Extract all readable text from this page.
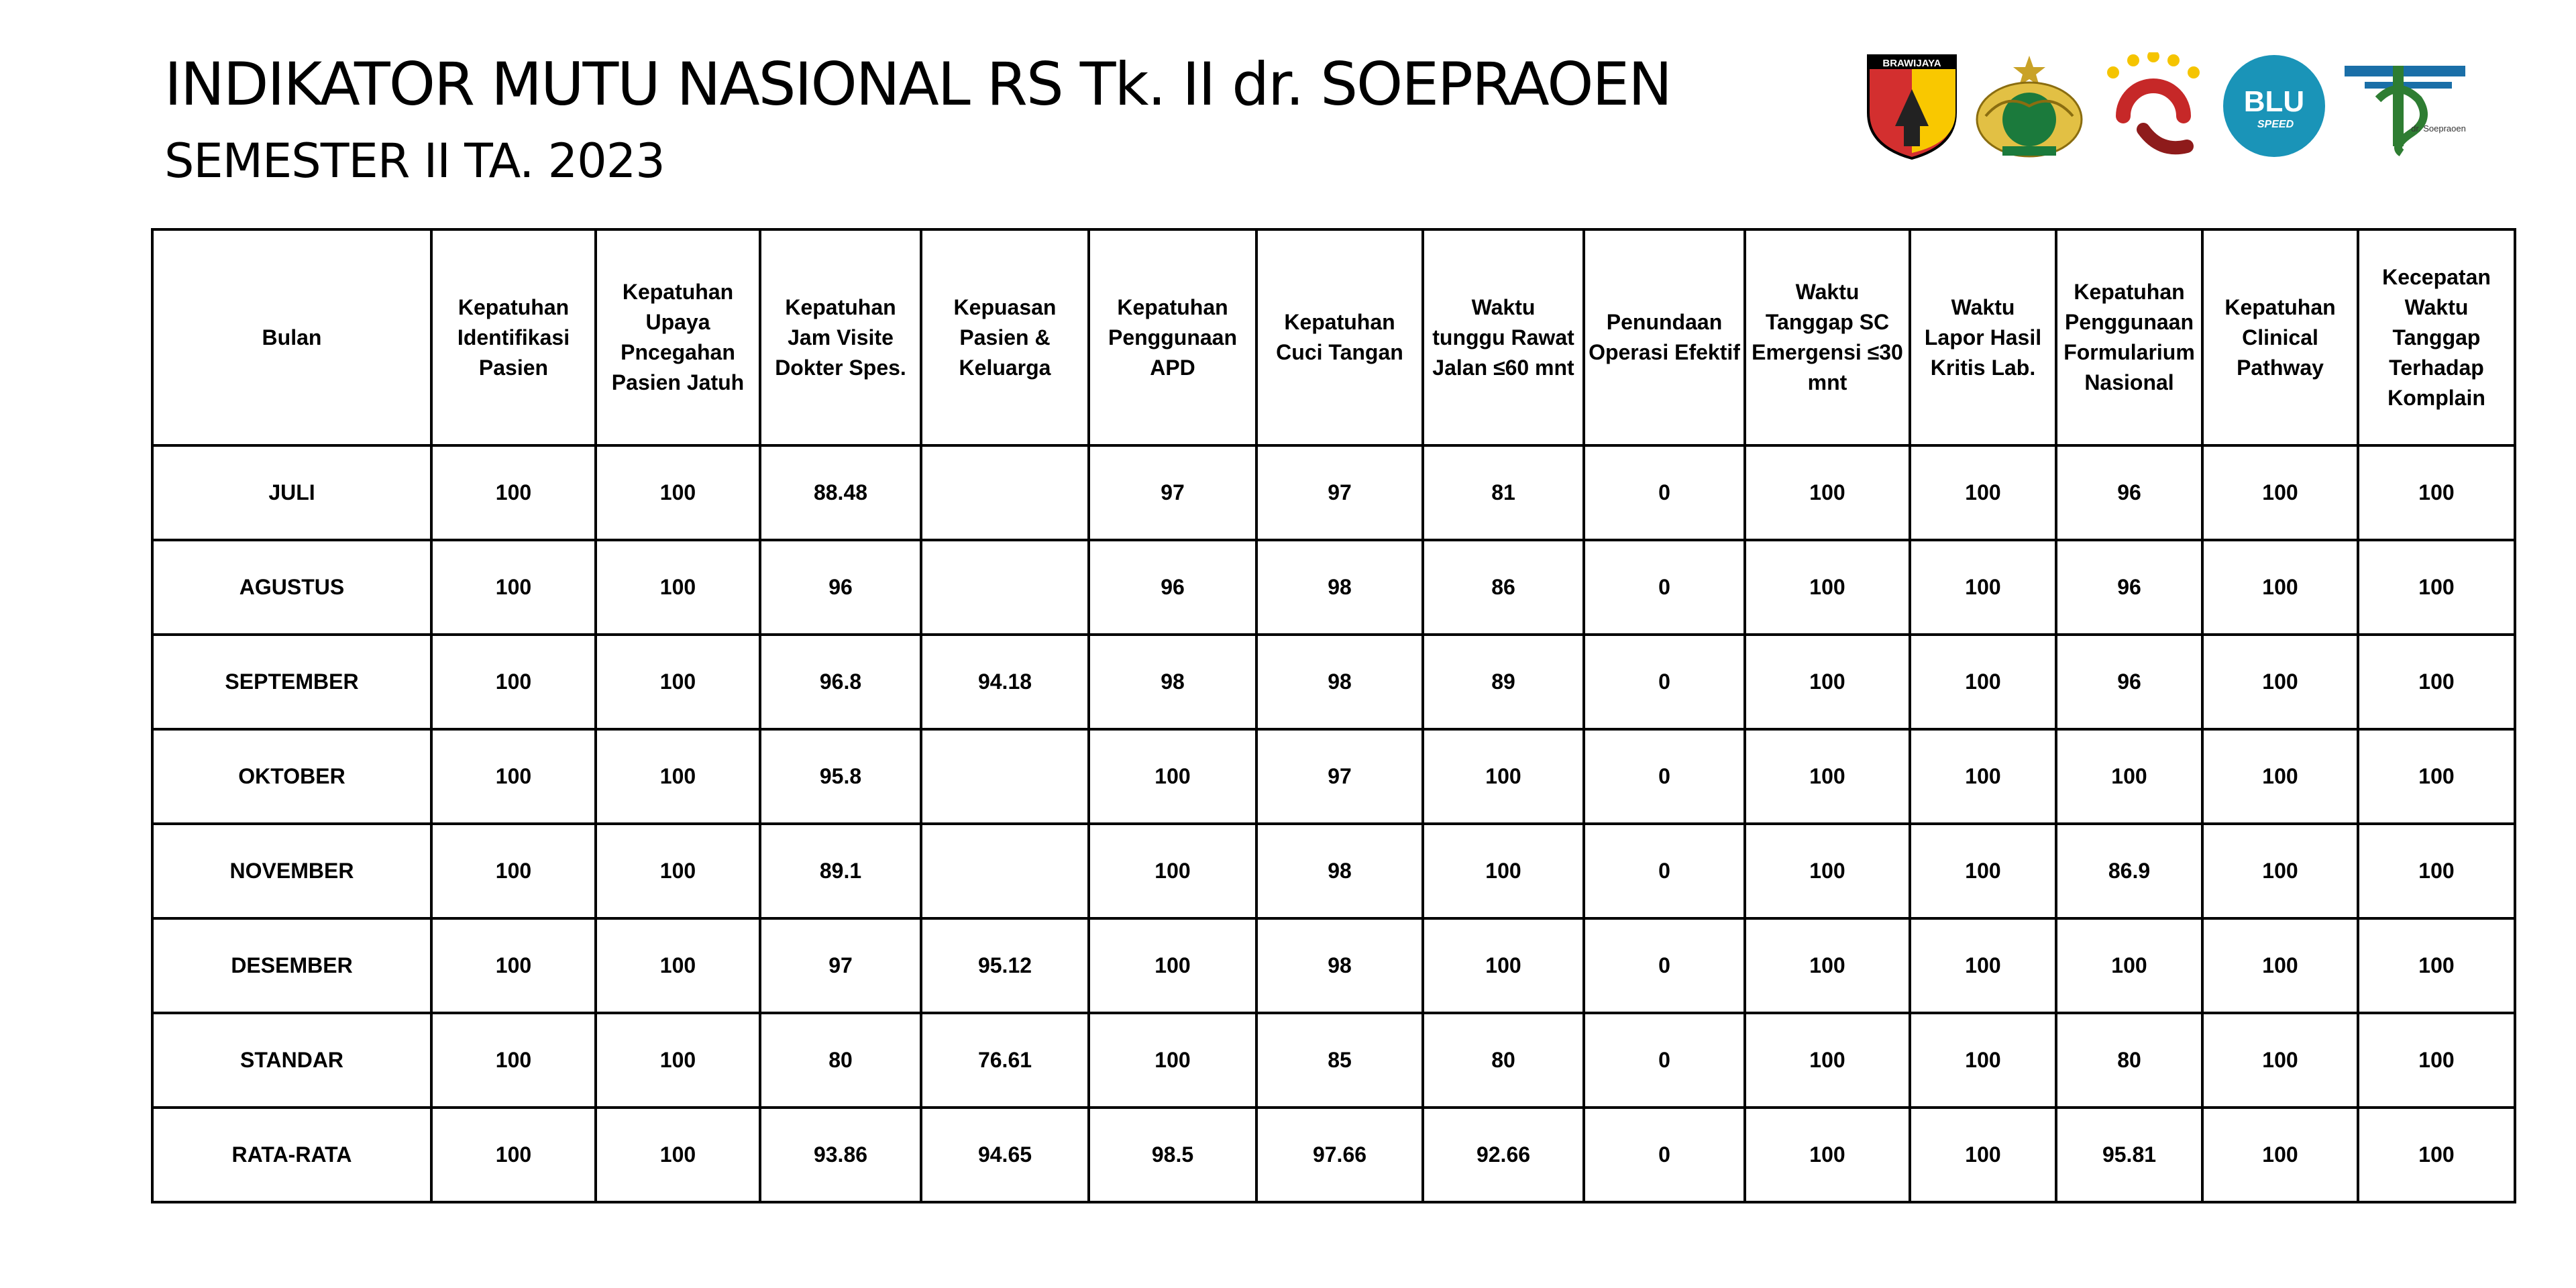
INDIKATOR MUTU NASIONAL RS Tk. II dr. SOEPRAOEN
SEMESTER II TA. 2023
BRAWIJAYA
BLU
SPEED	dr. Soepraoen
Bulan	Kepatuhan
Identifikasi
Pasien	Kepatuhan
Upaya
Pncegahan
Pasien Jatuh	Kepatuhan
Jam Visite
Dokter Spes.	Kepuasan
Pasien &
Keluarga	Kepatuhan
Penggunaan
APD	Kepatuhan
Cuci Tangan	Waktu
tunggu Rawat
Jalan ≤60 mnt	Penundaan
Operasi Efektif	Waktu
Tanggap SC
Emergensi ≤30
mnt	Waktu
Lapor Hasil
Kritis Lab.	Kepatuhan
Penggunaan
Formularium
Nasional	Kepatuhan
Clinical
Pathway	Kecepatan
Waktu
Tanggap
Terhadap
Komplain
JULI	100	100	88.48		97	97	81	0	100	100	96	100	100
AGUSTUS	100	100	96		96	98	86	0	100	100	96	100	100
SEPTEMBER	100	100	96.8	94.18	98	98	89	0	100	100	96	100	100
OKTOBER	100	100	95.8		100	97	100	0	100	100	100	100	100
NOVEMBER	100	100	89.1		100	98	100	0	100	100	86.9	100	100
DESEMBER	100	100	97	95.12	100	98	100	0	100	100	100	100	100
STANDAR	100	100	80	76.61	100	85	80	0	100	100	80	100	100
RATA-RATA	100	100	93.86	94.65	98.5	97.66	92.66	0	100	100	95.81	100	100
